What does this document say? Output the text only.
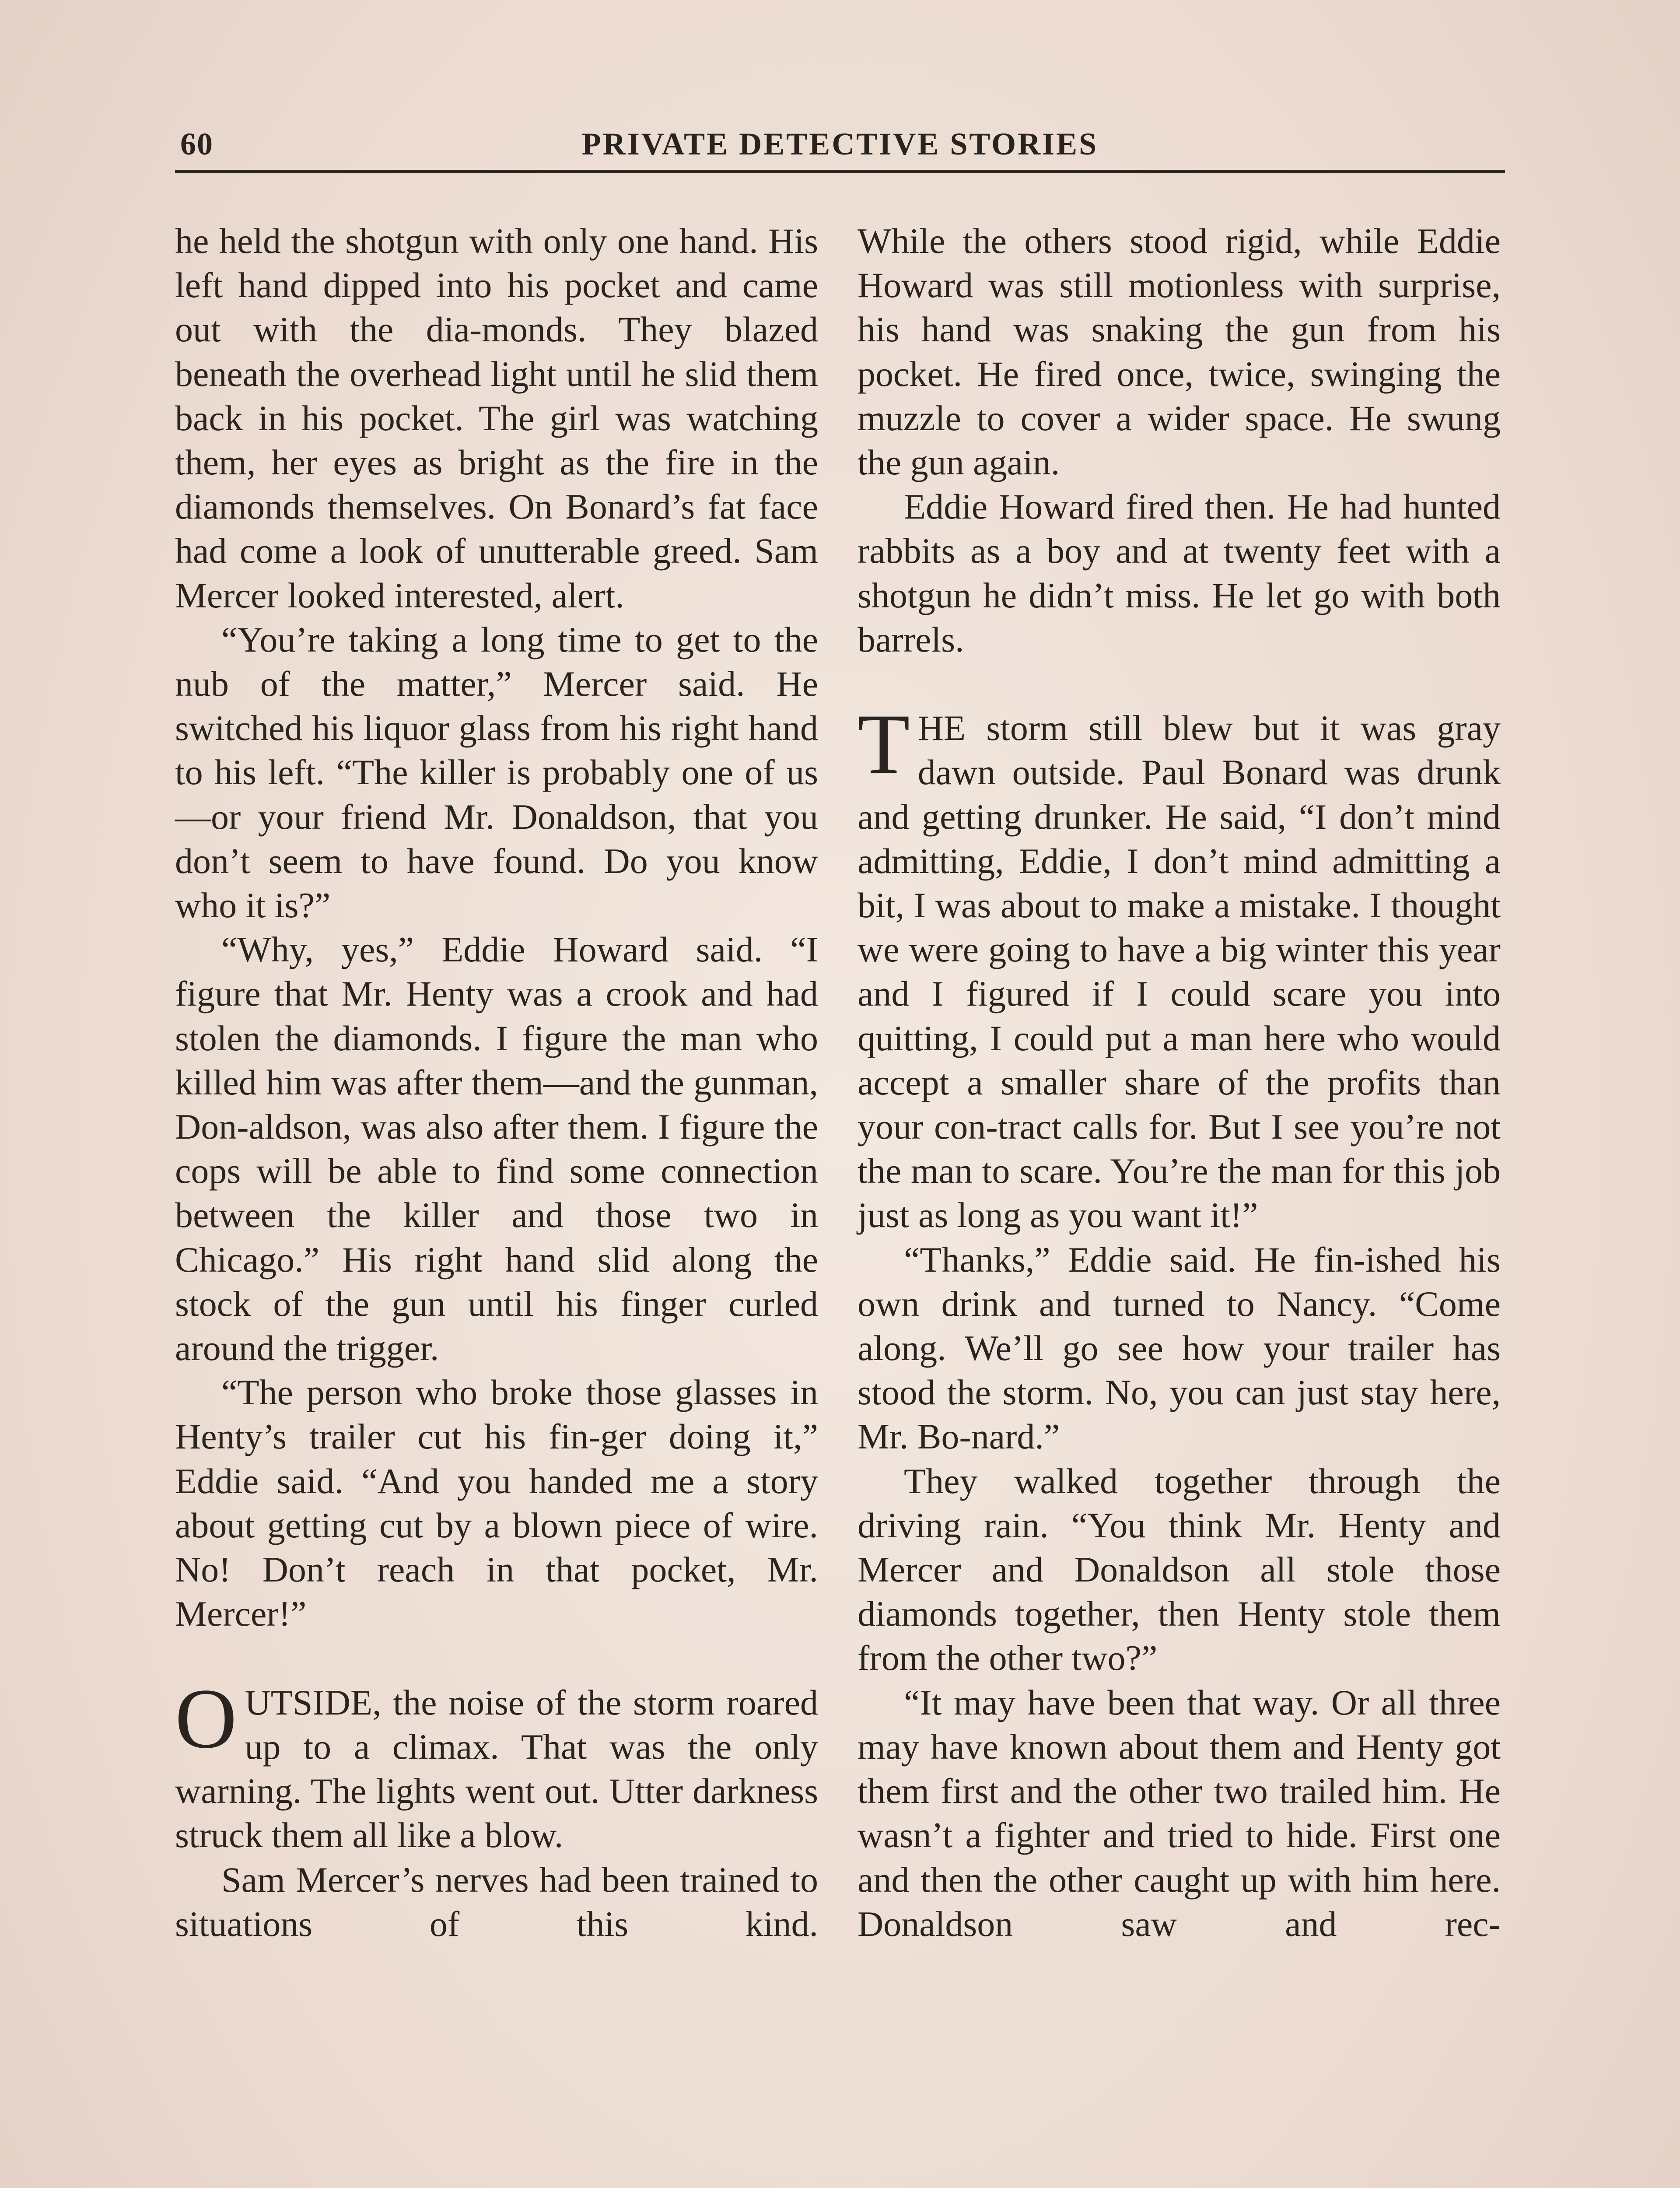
60	PRIVATE DETECTIVE STORIES

he held the shotgun with only one hand. His left hand dipped into his pocket and came out with the dia-monds. They blazed beneath the overhead light until he slid them back in his pocket. The girl was watching them, her eyes as bright as the fire in the diamonds themselves. On Bonard’s fat face had come a look of unutterable greed. Sam Mercer looked interested, alert.

“You’re taking a long time to get to the nub of the matter,” Mercer said. He switched his liquor glass from his right hand to his left. “The killer is probably one of us—or your friend Mr. Donaldson, that you don’t seem to have found. Do you know who it is?”

“Why, yes,” Eddie Howard said. “I figure that Mr. Henty was a crook and had stolen the diamonds. I figure the man who killed him was after them—and the gunman, Don-aldson, was also after them. I figure the cops will be able to find some connection between the killer and those two in Chicago.” His right hand slid along the stock of the gun until his finger curled around the trigger.

“The person who broke those glasses in Henty’s trailer cut his fin-ger doing it,” Eddie said. “And you handed me a story about getting cut by a blown piece of wire. No! Don’t reach in that pocket, Mr. Mercer!”

OUTSIDE, the noise of the storm roared up to a climax. That was the only warning. The lights went out. Utter darkness struck them all like a blow.

Sam Mercer’s nerves had been trained to situations of this kind.

While the others stood rigid, while Eddie Howard was still motionless with surprise, his hand was snaking the gun from his pocket. He fired once, twice, swinging the muzzle to cover a wider space. He swung the gun again.

Eddie Howard fired then. He had hunted rabbits as a boy and at twenty feet with a shotgun he didn’t miss. He let go with both barrels.

THE storm still blew but it was gray dawn outside. Paul Bonard was drunk and getting drunker. He said, “I don’t mind admitting, Eddie, I don’t mind admitting a bit, I was about to make a mistake. I thought we were going to have a big winter this year and I figured if I could scare you into quitting, I could put a man here who would accept a smaller share of the profits than your con-tract calls for. But I see you’re not the man to scare. You’re the man for this job just as long as you want it!”

“Thanks,” Eddie said. He fin-ished his own drink and turned to Nancy. “Come along. We’ll go see how your trailer has stood the storm. No, you can just stay here, Mr. Bo-nard.”

They walked together through the driving rain. “You think Mr. Henty and Mercer and Donaldson all stole those diamonds together, then Henty stole them from the other two?”

“It may have been that way. Or all three may have known about them and Henty got them first and the other two trailed him. He wasn’t a fighter and tried to hide. First one and then the other caught up with him here. Donaldson saw and rec-
